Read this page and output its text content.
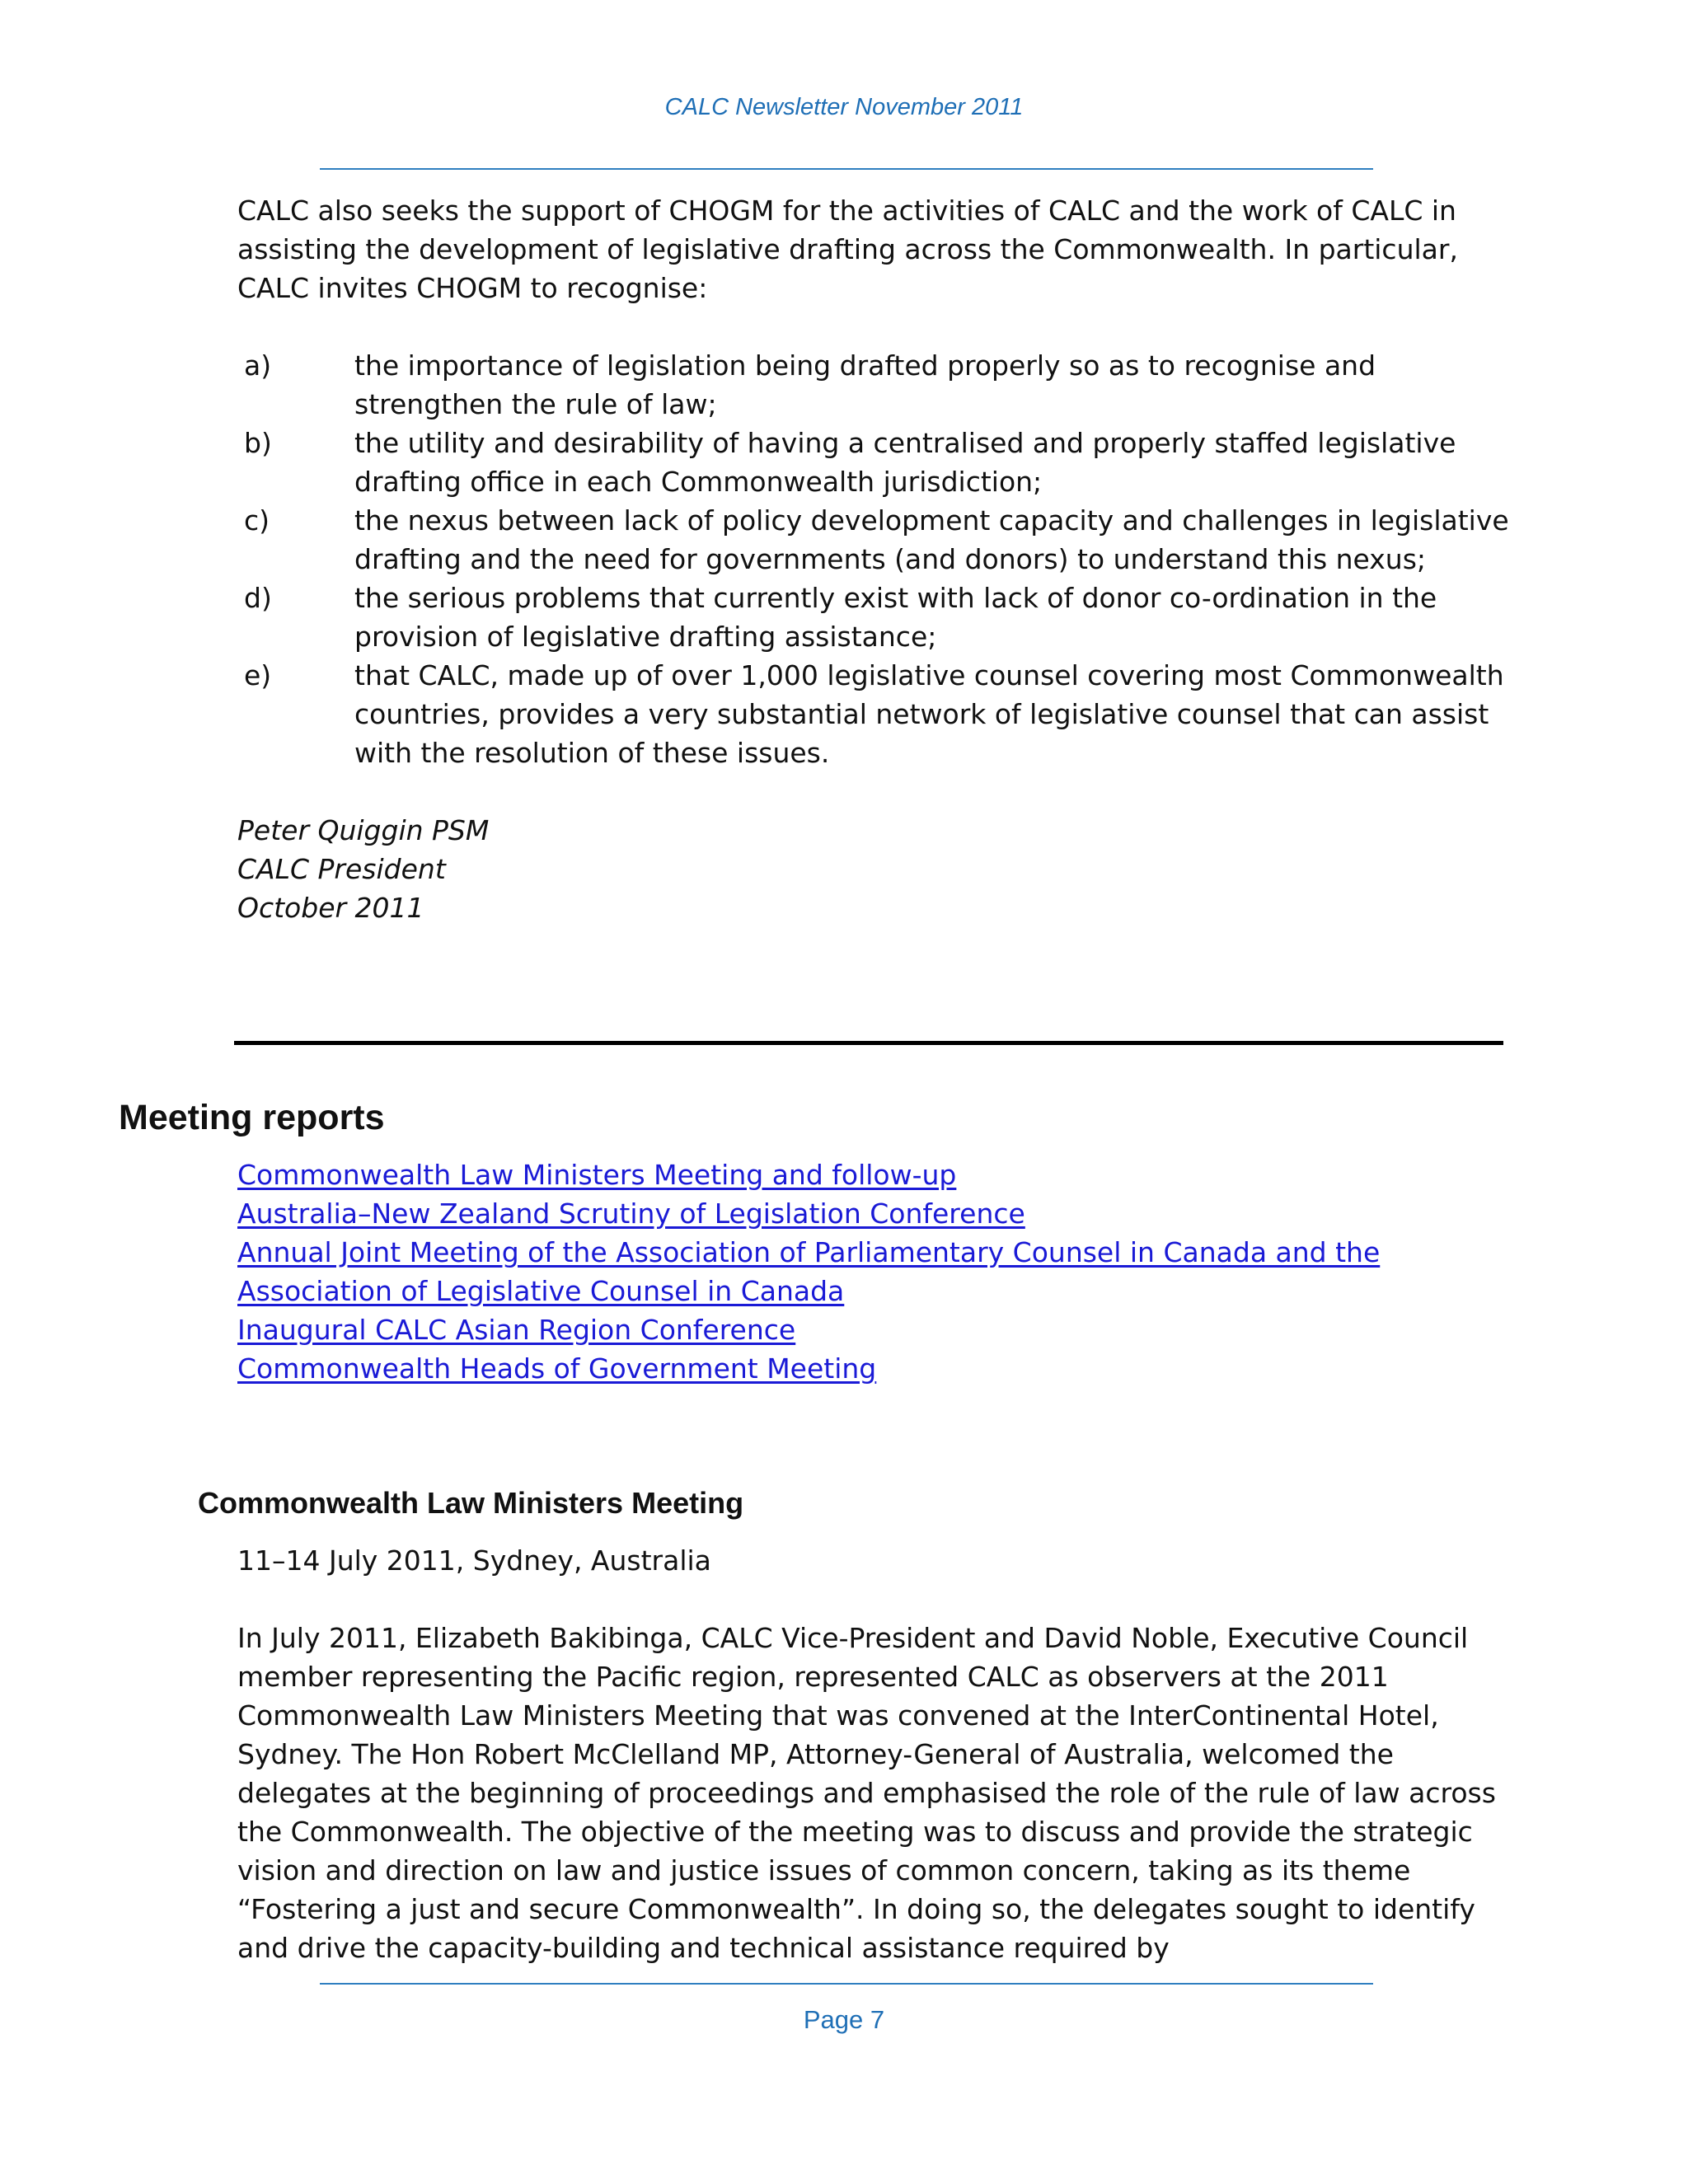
CALC Newsletter November 2011

CALC also seeks the support of CHOGM for the activities of CALC and the work of CALC in assisting the development of legislative drafting across the Commonwealth. In particular, CALC invites CHOGM to recognise:

a)	the importance of legislation being drafted properly so as to recognise and strengthen the rule of law;
b)	the utility and desirability of having a centralised and properly staffed legislative drafting office in each Commonwealth jurisdiction;
c)	the nexus between lack of policy development capacity and challenges in legislative drafting and the need for governments (and donors) to understand this nexus;
d)	the serious problems that currently exist with lack of donor co-ordination in the provision of legislative drafting assistance;
e)	that CALC, made up of over 1,000 legislative counsel covering most Commonwealth countries, provides a very substantial network of legislative counsel that can assist with the resolution of these issues.
Peter Quiggin PSM
CALC President
October 2011
Meeting reports
Commonwealth Law Ministers Meeting and follow-up
Australia–New Zealand Scrutiny of Legislation Conference
Annual Joint Meeting of the Association of Parliamentary Counsel in Canada and the Association of Legislative Counsel in Canada
Inaugural CALC Asian Region Conference
Commonwealth Heads of Government Meeting
Commonwealth Law Ministers Meeting

11–14 July 2011, Sydney, Australia

In July 2011, Elizabeth Bakibinga, CALC Vice-President and David Noble, Executive Council member representing the Pacific region, represented CALC as observers at the 2011 Commonwealth Law Ministers Meeting that was convened at the InterContinental Hotel, Sydney. The Hon Robert McClelland MP, Attorney-General of Australia, welcomed the delegates at the beginning of proceedings and emphasised the role of the rule of law across the Commonwealth. The objective of the meeting was to discuss and provide the strategic vision and direction on law and justice issues of common concern, taking as its theme “Fostering a just and secure Commonwealth”. In doing so, the delegates sought to identify and drive the capacity-building and technical assistance required by

Page 7
